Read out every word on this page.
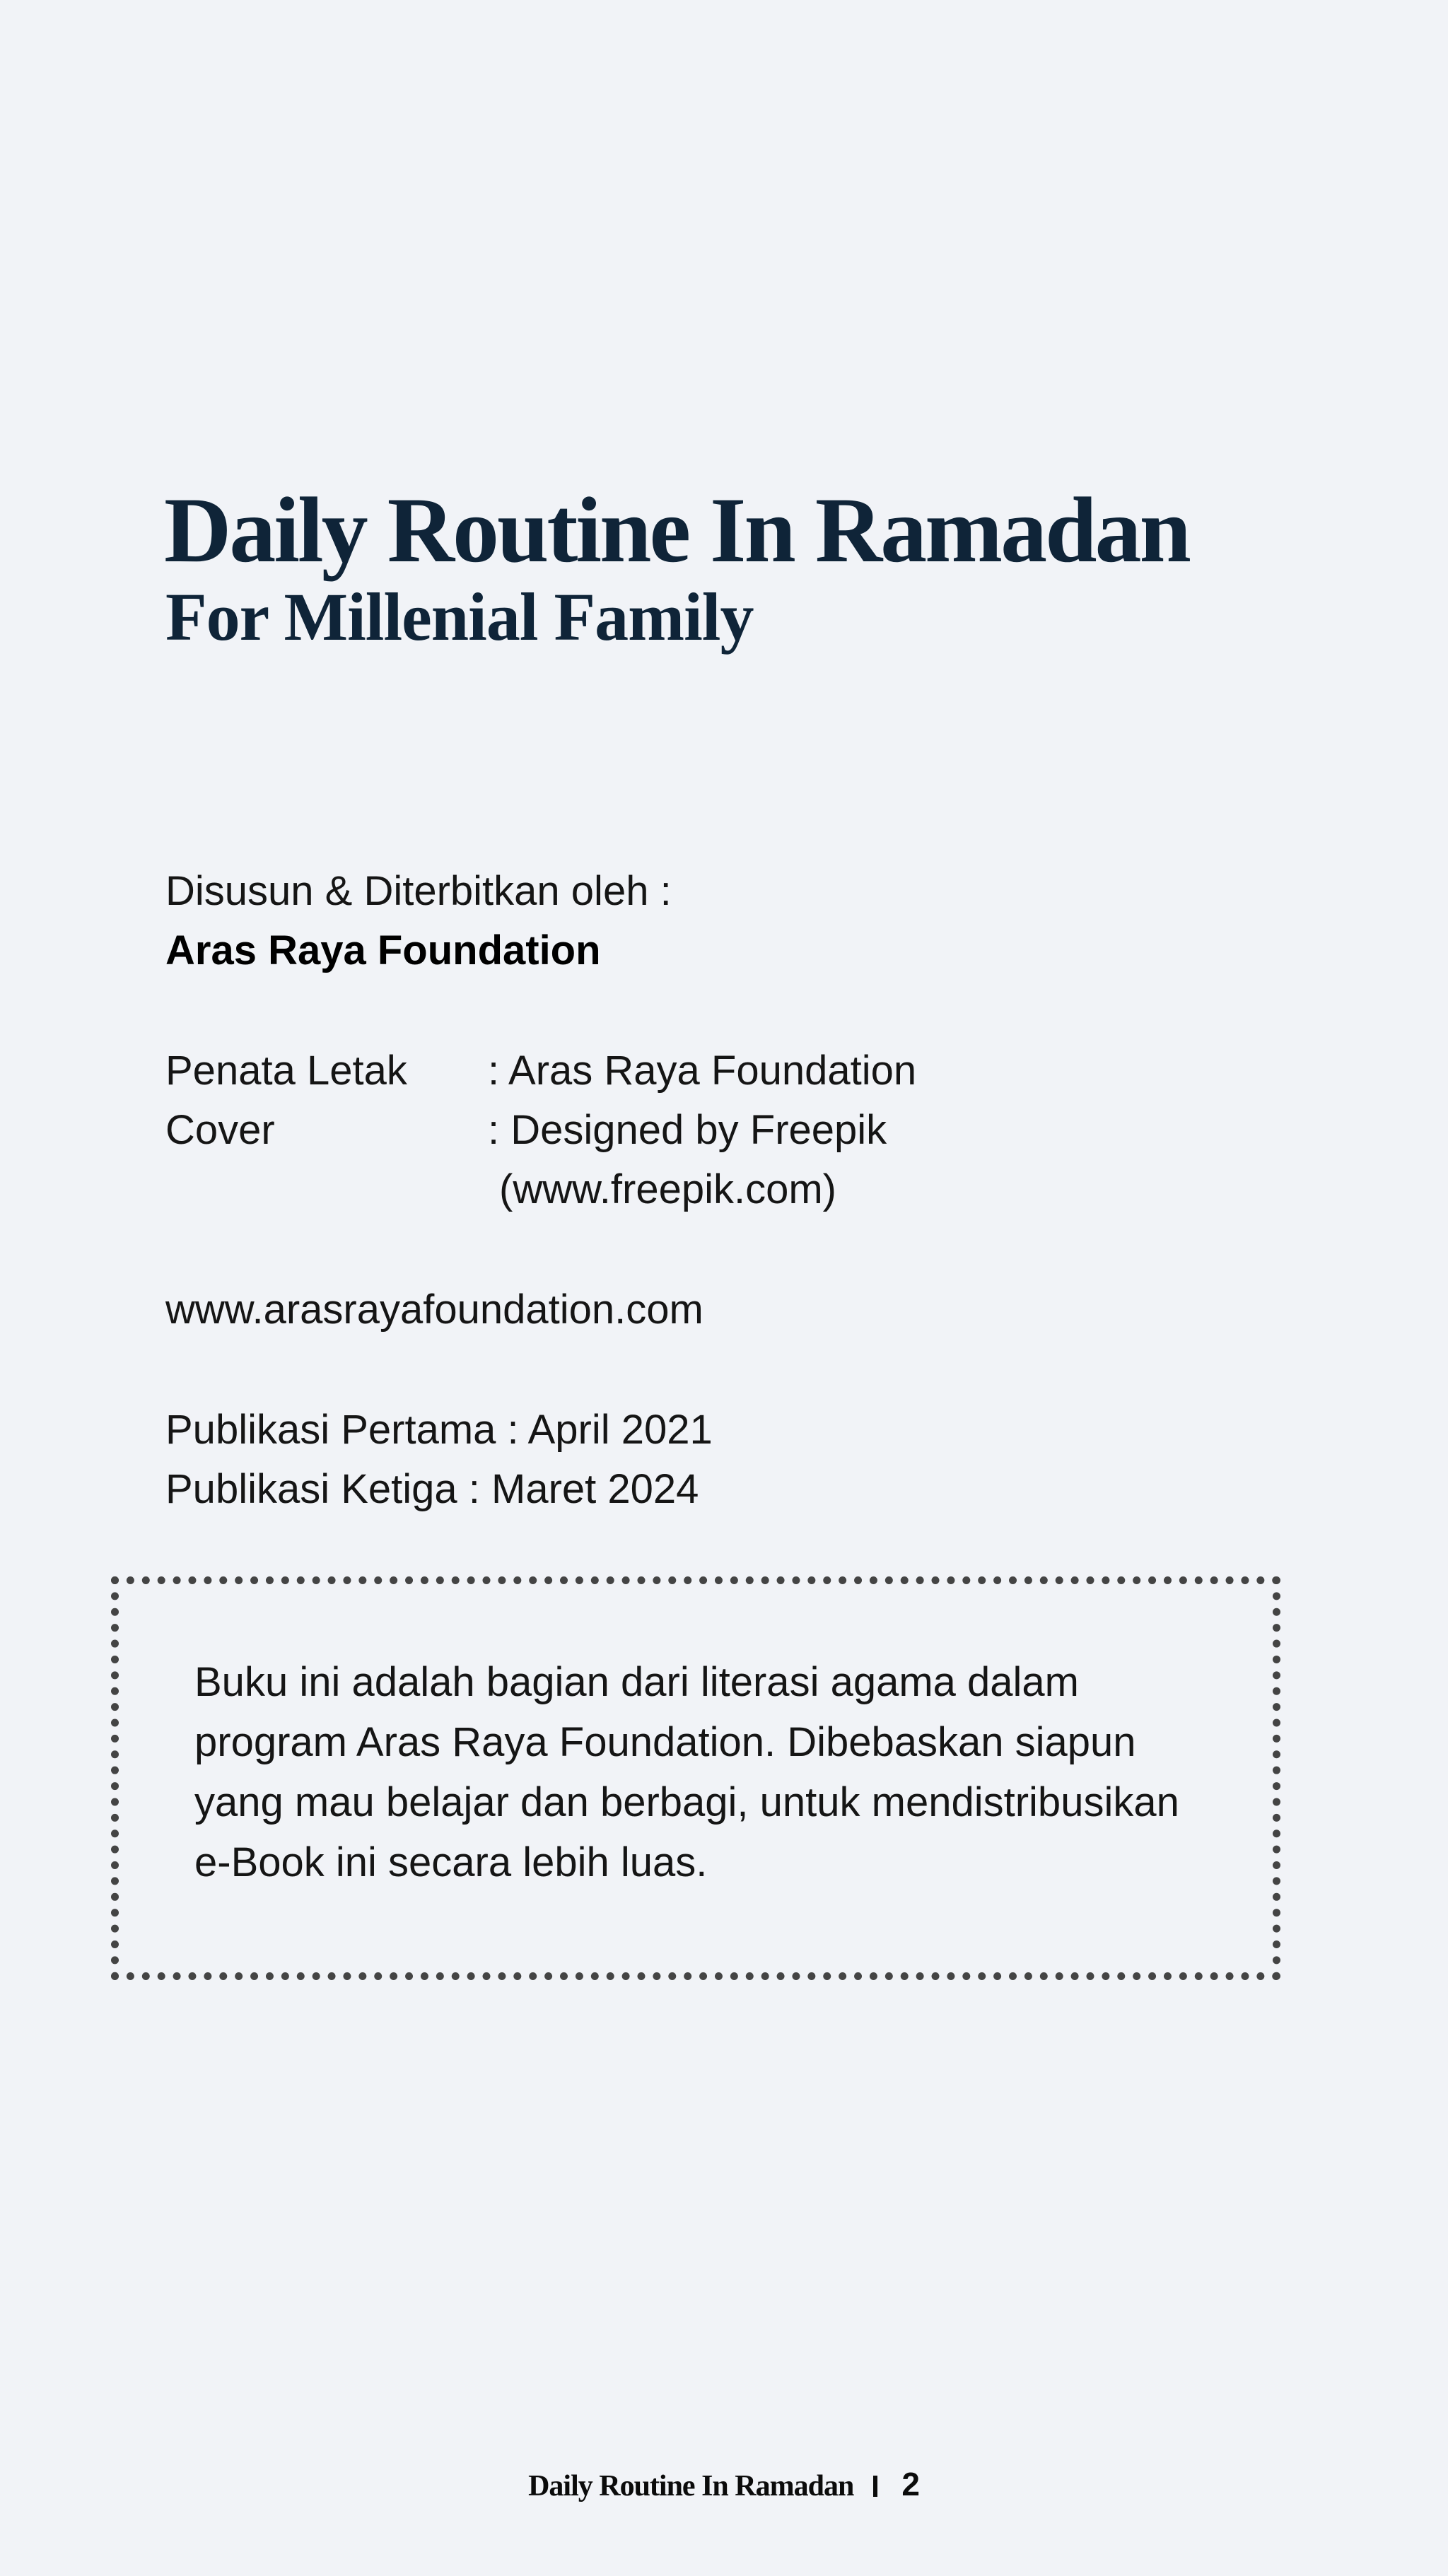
Daily Routine In Ramadan
For Millenial Family
Disusun & Diterbitkan oleh :
Aras Raya Foundation
Penata Letak : Aras Raya Foundation
Cover	: Designed by Freepik
(www.freepik.com)
www.arasrayafoundation.com
Publikasi Pertama : April 2021
Publikasi Ketiga : Maret 2024

Buku ini adalah bagian dari literasi agama dalam program Aras Raya Foundation. Dibebaskan siapun yang mau belajar dan berbagi, untuk mendistribusikan e-Book ini secara lebih luas.

Daily Routine In Ramadan 2
